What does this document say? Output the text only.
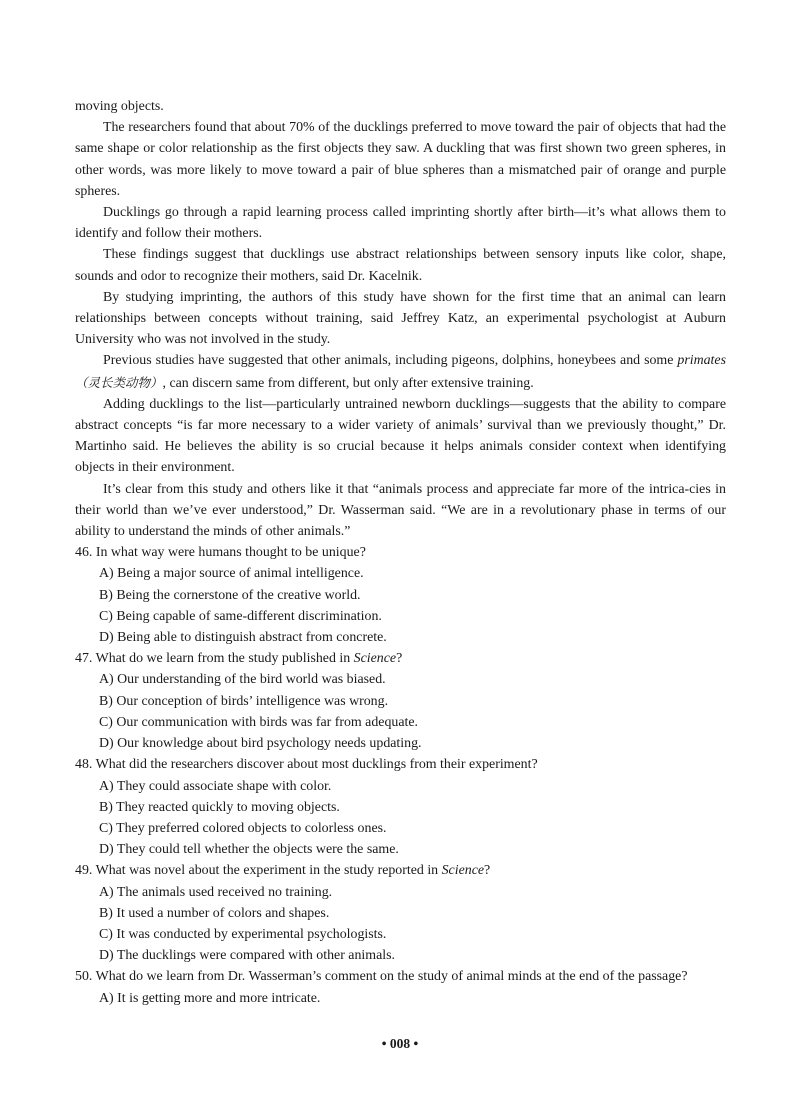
moving objects.

The researchers found that about 70% of the ducklings preferred to move toward the pair of objects that had the same shape or color relationship as the first objects they saw. A duckling that was first shown two green spheres, in other words, was more likely to move toward a pair of blue spheres than a mismatched pair of orange and purple spheres.

Ducklings go through a rapid learning process called imprinting shortly after birth—it’s what allows them to identify and follow their mothers.

These findings suggest that ducklings use abstract relationships between sensory inputs like color, shape, sounds and odor to recognize their mothers, said Dr. Kacelnik.

By studying imprinting, the authors of this study have shown for the first time that an animal can learn relationships between concepts without training, said Jeffrey Katz, an experimental psychologist at Auburn University who was not involved in the study.

Previous studies have suggested that other animals, including pigeons, dolphins, honeybees and some primates（灵长类动物）, can discern same from different, but only after extensive training.

Adding ducklings to the list—particularly untrained newborn ducklings—suggests that the ability to compare abstract concepts “is far more necessary to a wider variety of animals’ survival than we previously thought,” Dr. Martinho said. He believes the ability is so crucial because it helps animals consider context when identifying objects in their environment.

It’s clear from this study and others like it that “animals process and appreciate far more of the intrica-cies in their world than we’ve ever understood,” Dr. Wasserman said. “We are in a revolutionary phase in terms of our ability to understand the minds of other animals.”

46. In what way were humans thought to be unique?

A) Being a major source of animal intelligence.

B) Being the cornerstone of the creative world.

C) Being capable of same-different discrimination.

D) Being able to distinguish abstract from concrete.

47. What do we learn from the study published in Science?

A) Our understanding of the bird world was biased.

B) Our conception of birds’ intelligence was wrong.

C) Our communication with birds was far from adequate.

D) Our knowledge about bird psychology needs updating.

48. What did the researchers discover about most ducklings from their experiment?

A) They could associate shape with color.

B) They reacted quickly to moving objects.

C) They preferred colored objects to colorless ones.

D) They could tell whether the objects were the same.

49. What was novel about the experiment in the study reported in Science?

A) The animals used received no training.

B) It used a number of colors and shapes.

C) It was conducted by experimental psychologists.

D) The ducklings were compared with other animals.

50. What do we learn from Dr. Wasserman’s comment on the study of animal minds at the end of the passage?

A) It is getting more and more intricate.

• 008 •
